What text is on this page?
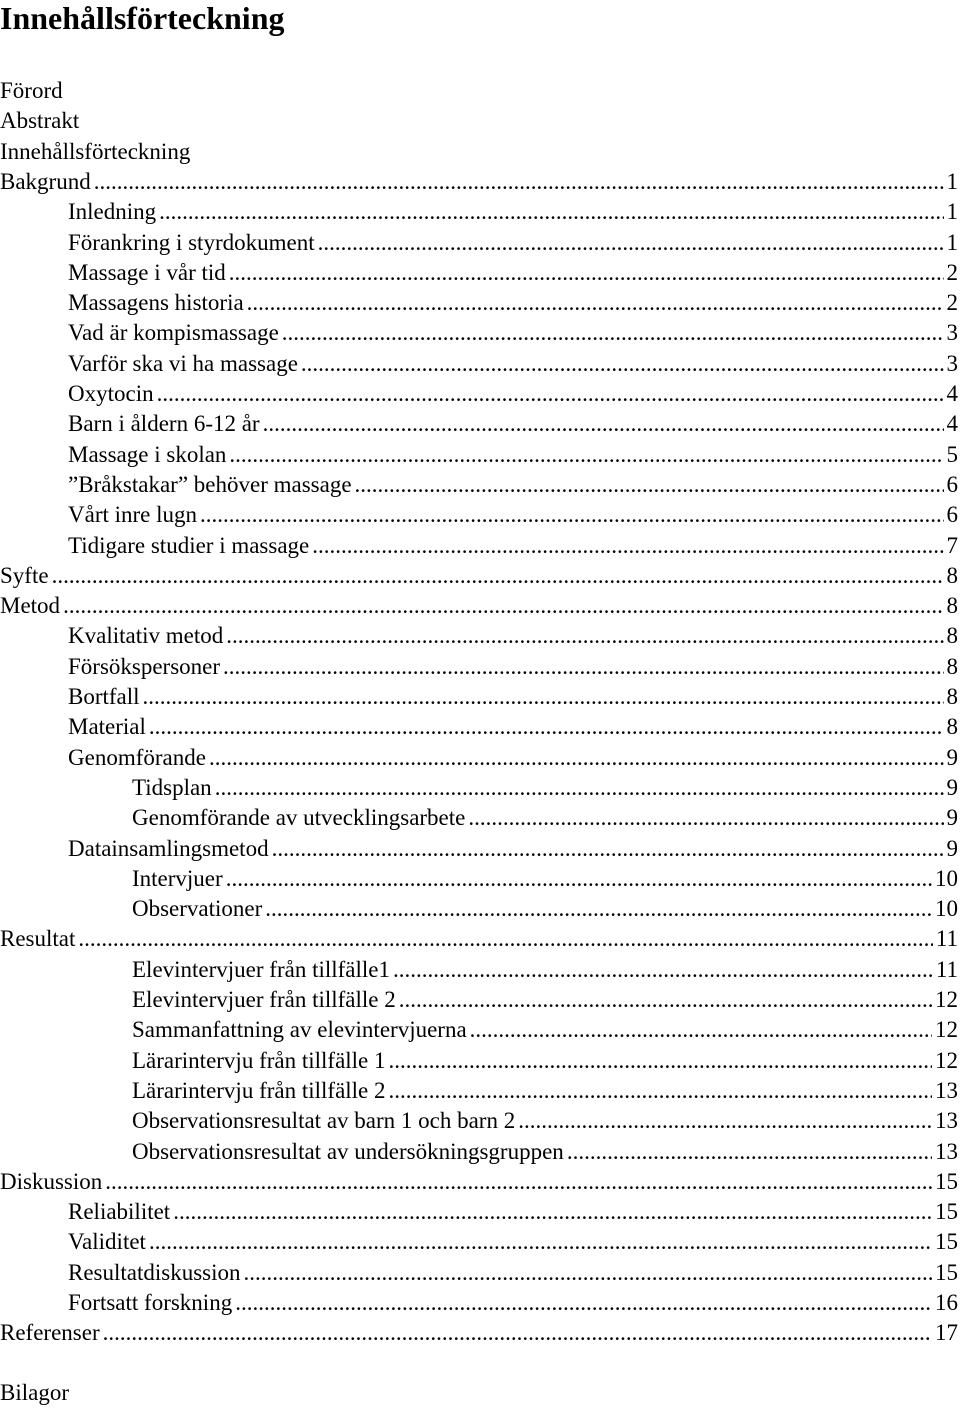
Innehållsförteckning
Förord
Abstrakt
Innehållsförteckning
Bakgrund .....	1
Inledning .....	1
Förankring i styrdokument .....	1
Massage i vår tid .....	2
Massagens historia .....	2
Vad är kompismassage .....	3
Varför ska vi ha massage .....	3
Oxytocin .....	4
Barn i åldern 6-12 år .....	4
Massage i skolan .....	5
”Bråkstakar” behöver massage .....	6
Vårt inre lugn .....	6
Tidigare studier i massage .....	7
Syfte .....	8
Metod .....	8
Kvalitativ metod .....	8
Försökspersoner .....	8
Bortfall .....	8
Material .....	8
Genomförande .....	9
Tidsplan .....	9
Genomförande av utvecklingsarbete .....	9
Datainsamlingsmetod .....	9
Intervjuer .....	10
Observationer .....	10
Resultat .....	11
Elevintervjuer från tillfälle1 .....	11
Elevintervjuer från tillfälle 2 .....	12
Sammanfattning av elevintervjuerna .....	12
Lärarintervju från tillfälle 1 .....	12
Lärarintervju från tillfälle 2 .....	13
Observationsresultat av barn 1 och barn 2 .....	13
Observationsresultat av undersökningsgruppen .....	13
Diskussion .....	15
Reliabilitet .....	15
Validitet .....	15
Resultatdiskussion .....	15
Fortsatt forskning .....	16
Referenser .....	17
Bilagor
